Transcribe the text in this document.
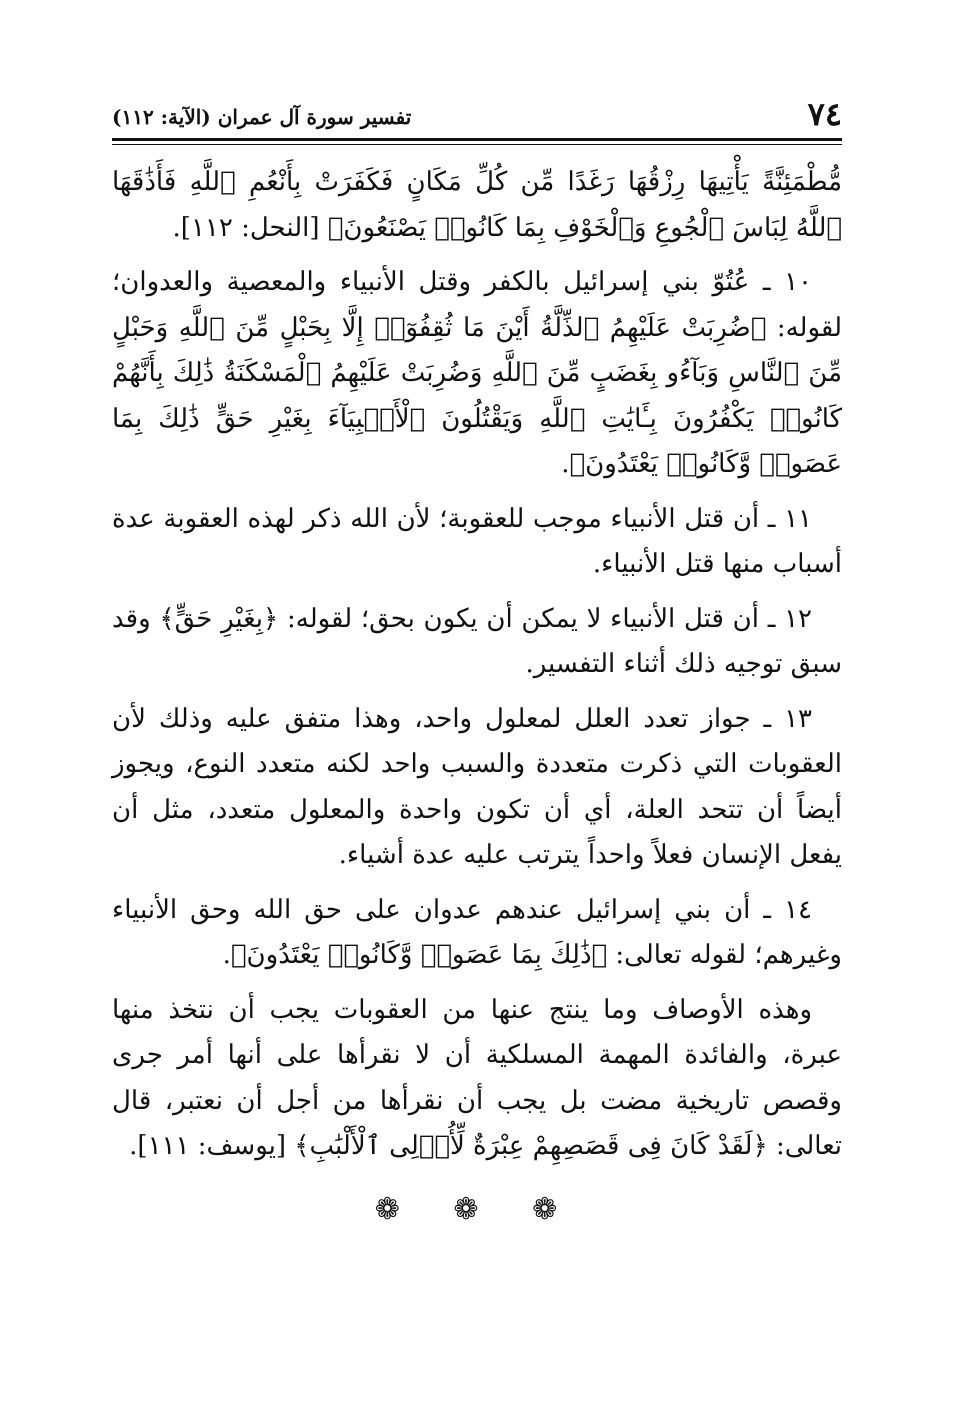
٧٤
تفسير سورة آل عمران (الآية: ١١٢)

مُّطْمَئِنَّةً يَأْتِيهَا رِزْقُهَا رَغَدًا مِّن كُلِّ مَكَانٍ فَكَفَرَتْ بِأَنْعُمِ ٱللَّهِ فَأَذَٰقَهَا ٱللَّهُ لِبَاسَ ٱلْجُوعِ وَٱلْخَوْفِ بِمَا كَانُوا۟ يَصْنَعُونَ﴾ [النحل: ١١٢].

١٠ ـ عُتُوّ بني إسرائيل بالكفر وقتل الأنبياء والمعصية والعدوان؛ لقوله: ﴿ضُرِبَتْ عَلَيْهِمُ ٱلذِّلَّةُ أَيْنَ مَا ثُقِفُوٓا۟ إِلَّا بِحَبْلٍ مِّنَ ٱللَّهِ وَحَبْلٍ مِّنَ ٱلنَّاسِ وَبَآءُو بِغَضَبٍ مِّنَ ٱللَّهِ وَضُرِبَتْ عَلَيْهِمُ ٱلْمَسْكَنَةُ ذَٰلِكَ بِأَنَّهُمْ كَانُوا۟ يَكْفُرُونَ بِـَٔايَٰتِ ٱللَّهِ وَيَقْتُلُونَ ٱلْأَنۢبِيَآءَ بِغَيْرِ حَقٍّ ذَٰلِكَ بِمَا عَصَوا۟ وَّكَانُوا۟ يَعْتَدُونَ﴾.

١١ ـ أن قتل الأنبياء موجب للعقوبة؛ لأن الله ذكر لهذه العقوبة عدة أسباب منها قتل الأنبياء.

١٢ ـ أن قتل الأنبياء لا يمكن أن يكون بحق؛ لقوله: ﴿بِغَيْرِ حَقٍّ﴾ وقد سبق توجيه ذلك أثناء التفسير.

١٣ ـ جواز تعدد العلل لمعلول واحد، وهذا متفق عليه وذلك لأن العقوبات التي ذكرت متعددة والسبب واحد لكنه متعدد النوع، ويجوز أيضاً أن تتحد العلة، أي أن تكون واحدة والمعلول متعدد، مثل أن يفعل الإنسان فعلاً واحداً يترتب عليه عدة أشياء.

١٤ ـ أن بني إسرائيل عندهم عدوان على حق الله وحق الأنبياء وغيرهم؛ لقوله تعالى: ﴿ذَٰلِكَ بِمَا عَصَوا۟ وَّكَانُوا۟ يَعْتَدُونَ﴾.

وهذه الأوصاف وما ينتج عنها من العقوبات يجب أن نتخذ منها عبرة، والفائدة المهمة المسلكية أن لا نقرأها على أنها أمر جرى وقصص تاريخية مضت بل يجب أن نقرأها من أجل أن نعتبر، قال تعالى: ﴿لَقَدْ كَانَ فِى قَصَصِهِمْ عِبْرَةٌ لِّأُو۟لِى ٱلْأَلْبَٰبِ﴾ [يوسف: ١١١].

❁ ❁ ❁
